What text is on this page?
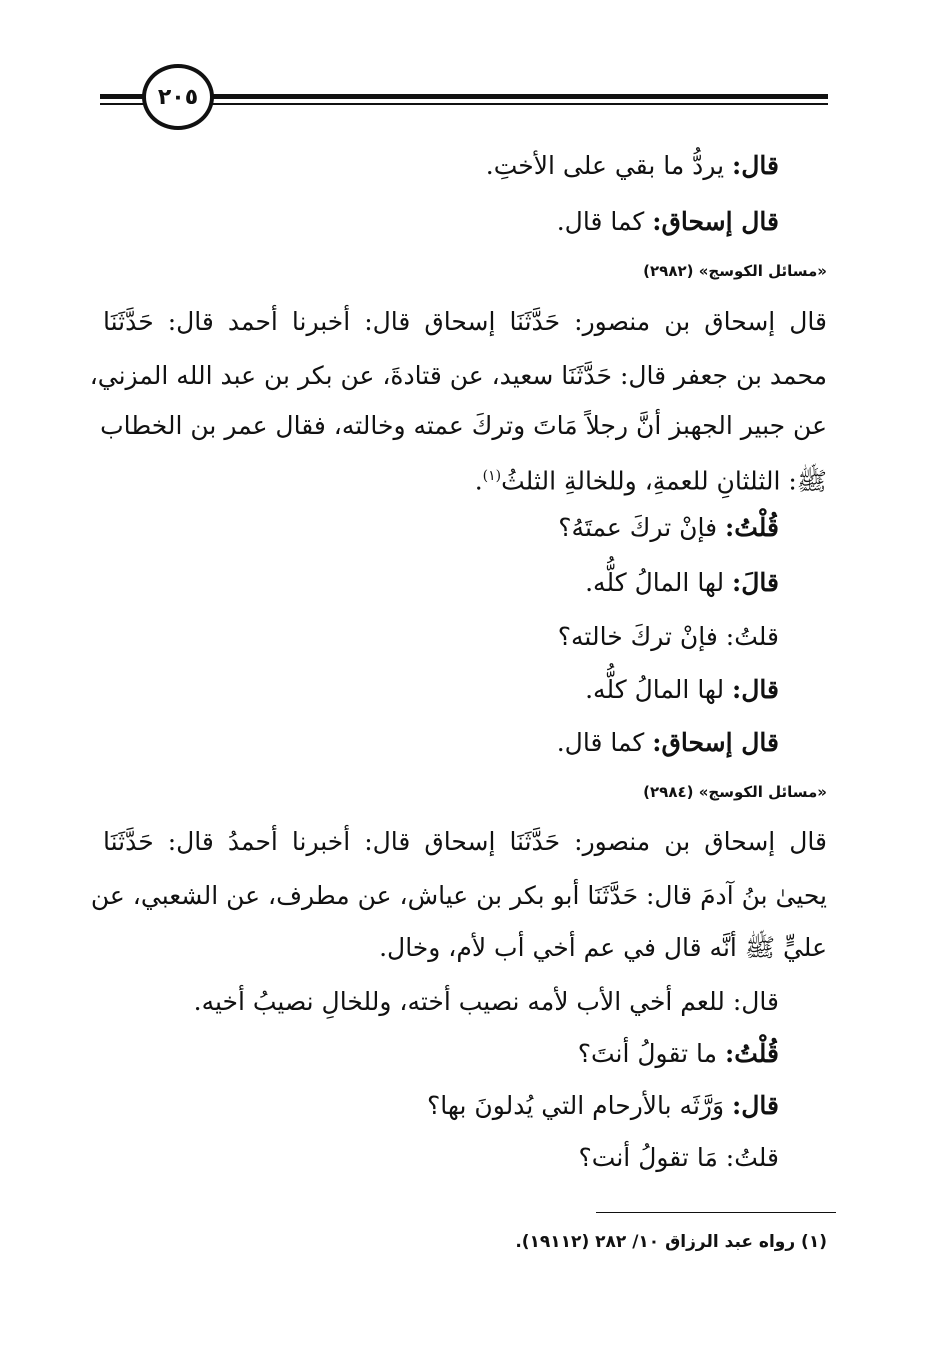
٢٠٥
قال: يردُّ ما بقي على الأختِ.
قال إسحاق: كما قال.
«مسائل الكوسج» (٢٩٨٢)
قال إسحاق بن منصور: حَدَّثَنَا إسحاق قال: أخبرنا أحمد قال: حَدَّثَنَا
محمد بن جعفر قال: حَدَّثَنَا سعيد، عن قتادةَ، عن بكر بن عبد الله المزني،
عن جبير الجهبز أنَّ رجلاً مَاتَ وتركَ عمته وخالته، فقال عمر بن الخطاب
ﷺ: الثلثانِ للعمةِ، وللخالةِ الثلثُ$^{(١)}$.
قُلْتُ: فإنْ تركَ عمتَهُ؟
قالَ: لها المالُ كلُّه.
قلتُ: فإنْ تركَ خالته؟
قال: لها المالُ كلُّه.
قال إسحاق: كما قال.
«مسائل الكوسج» (٢٩٨٤)
قال إسحاق بن منصور: حَدَّثَنَا إسحاق قال: أخبرنا أحمدُ قال: حَدَّثَنَا
يحيىٰ بنُ آدمَ قال: حَدَّثَنَا أبو بكر بن عياش، عن مطرف، عن الشعبي، عن
عليٍّ ﷺ أنَّه قال في عم أخي أب لأم، وخال.
قال: للعم أخي الأب لأمه نصيب أخته، وللخالِ نصيبُ أخيه.
قُلْتُ: ما تقولُ أنتَ؟
قال: وَرَّثَه بالأرحام التي يُدلونَ بها؟
قلتُ: مَا تقولُ أنت؟
(١) رواه عبد الرزاق ١٠/ ٢٨٢ (١٩١١٢).
